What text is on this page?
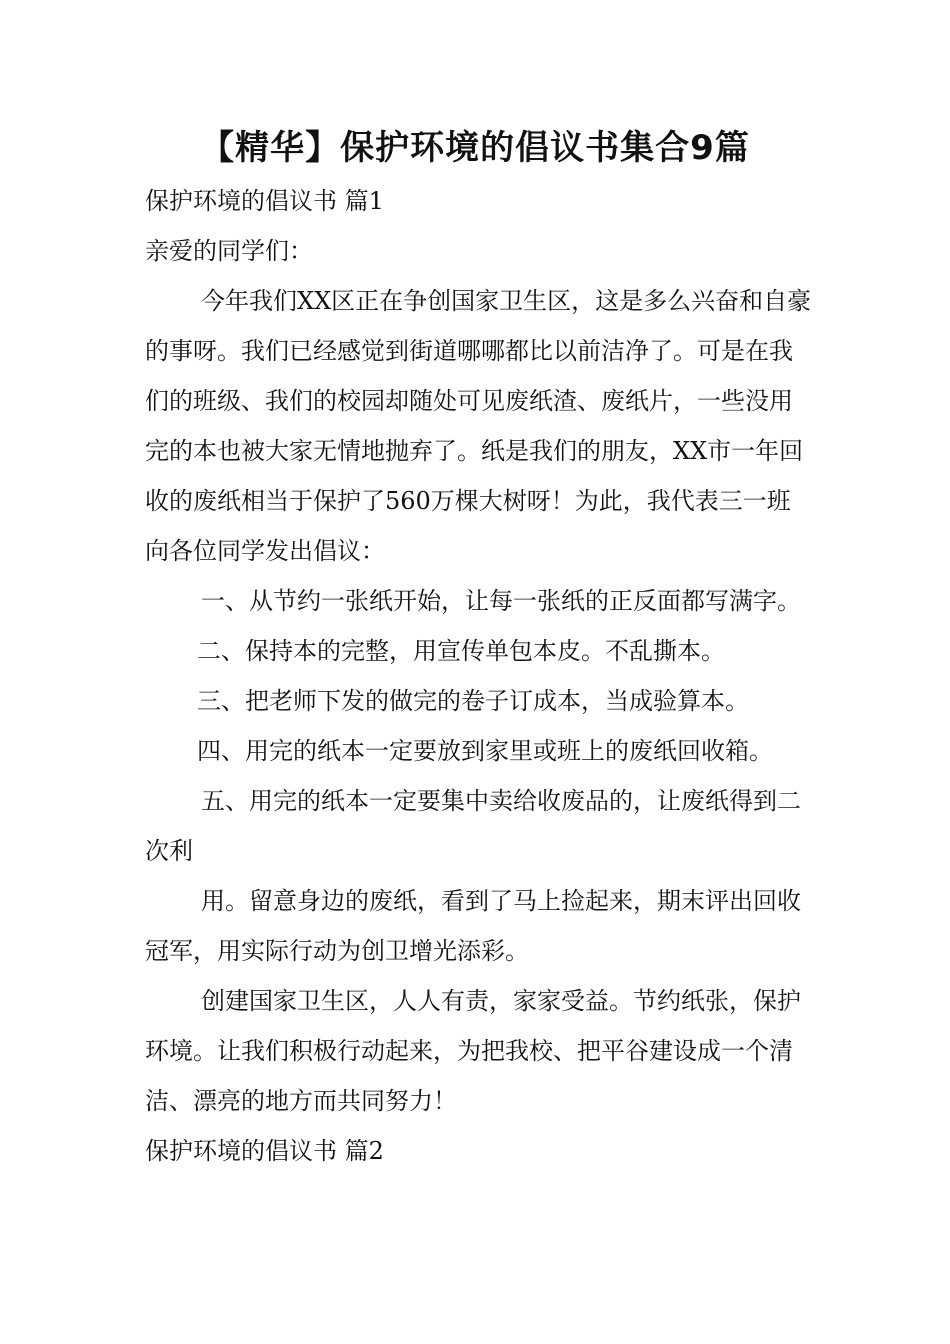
【精华】保护环境的倡议书集合9篇

保护环境的倡议书 篇1

亲爱的同学们：

今年我们XX区正在争创国家卫生区，这是多么兴奋和自豪的事呀。我们已经感觉到街道哪哪都比以前洁净了。可是在我们的班级、我们的校园却随处可见废纸渣、废纸片，一些没用完的本也被大家无情地抛弃了。纸是我们的朋友，XX市一年回收的废纸相当于保护了560万棵大树呀！为此，我代表三一班向各位同学发出倡议：

一、从节约一张纸开始，让每一张纸的正反面都写满字。

二、保持本的完整，用宣传单包本皮。不乱撕本。

三、把老师下发的做完的卷子订成本，当成验算本。

四、用完的纸本一定要放到家里或班上的废纸回收箱。

五、用完的纸本一定要集中卖给收废品的，让废纸得到二次利

用。留意身边的废纸，看到了马上捡起来，期末评出回收冠军，用实际行动为创卫增光添彩。

创建国家卫生区，人人有责，家家受益。节约纸张，保护环境。让我们积极行动起来，为把我校、把平谷建设成一个清洁、漂亮的地方而共同努力！

保护环境的倡议书 篇2
